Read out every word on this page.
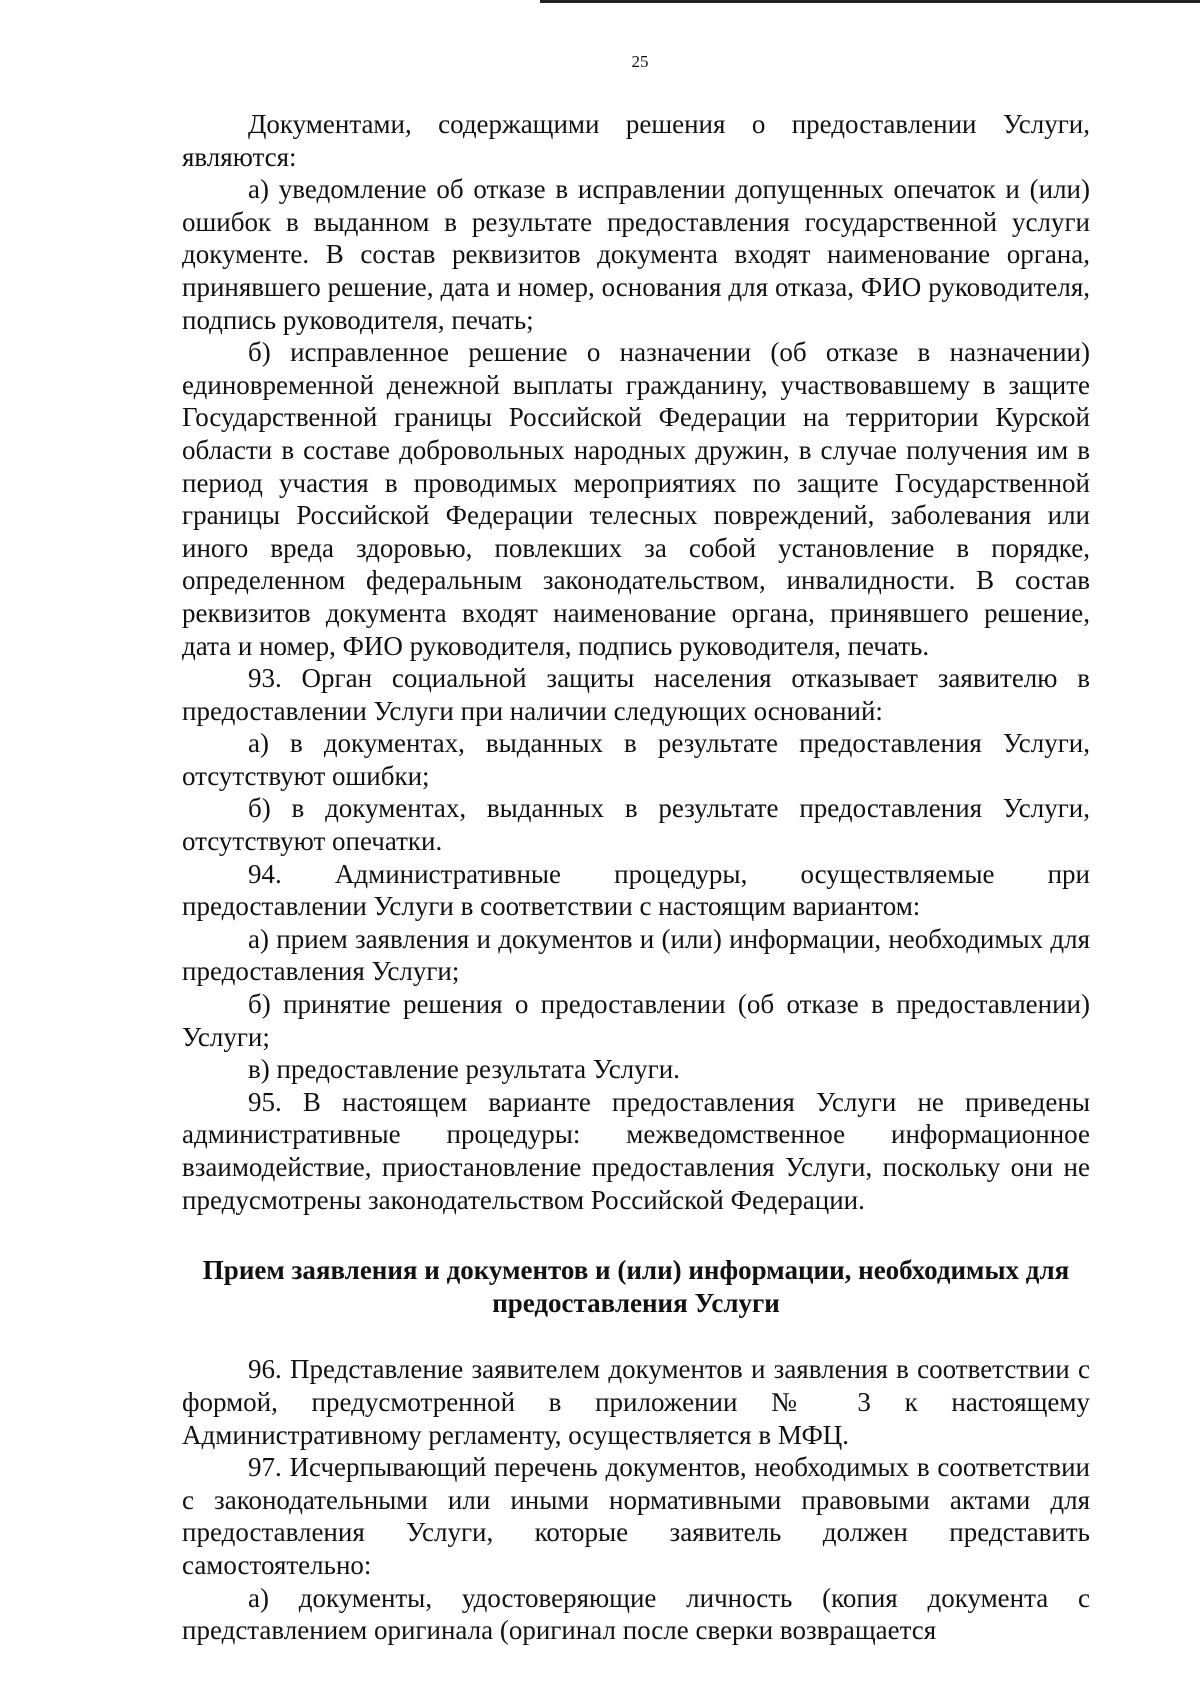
25

Документами, содержащими решения о предоставлении Услуги, являются:

а) уведомление об отказе в исправлении допущенных опечаток и (или) ошибок в выданном в результате предоставления государственной услуги документе. В состав реквизитов документа входят наименование органа, принявшего решение, дата и номер, основания для отказа, ФИО руководителя, подпись руководителя, печать;

б) исправленное решение о назначении (об отказе в назначении) единовременной денежной выплаты гражданину, участвовавшему в защите Государственной границы Российской Федерации на территории Курской области в составе добровольных народных дружин, в случае получения им в период участия в проводимых мероприятиях по защите Государственной границы Российской Федерации телесных повреждений, заболевания или иного вреда здоровью, повлекших за собой установление в порядке, определенном федеральным законодательством, инвалидности. В состав реквизитов документа входят наименование органа, принявшего решение, дата и номер, ФИО руководителя, подпись руководителя, печать.

93. Орган социальной защиты населения отказывает заявителю в предоставлении Услуги при наличии следующих оснований:

а) в документах, выданных в результате предоставления Услуги, отсутствуют ошибки;

б) в документах, выданных в результате предоставления Услуги, отсутствуют опечатки.

94. Административные процедуры, осуществляемые при предоставлении Услуги в соответствии с настоящим вариантом:

а) прием заявления и документов и (или) информации, необходимых для предоставления Услуги;

б) принятие решения о предоставлении (об отказе в предоставлении) Услуги;

в) предоставление результата Услуги.

95. В настоящем варианте предоставления Услуги не приведены административные процедуры: межведомственное информационное взаимодействие, приостановление предоставления Услуги, поскольку они не предусмотрены законодательством Российской Федерации.

Прием заявления и документов и (или) информации, необходимых для предоставления Услуги

96. Представление заявителем документов и заявления в соответствии с формой, предусмотренной в приложении № 3 к настоящему Административному регламенту, осуществляется в МФЦ.

97. Исчерпывающий перечень документов, необходимых в соответствии с законодательными или иными нормативными правовыми актами для предоставления Услуги, которые заявитель должен представить самостоятельно:

а) документы, удостоверяющие личность (копия документа с представлением оригинала (оригинал после сверки возвращается
